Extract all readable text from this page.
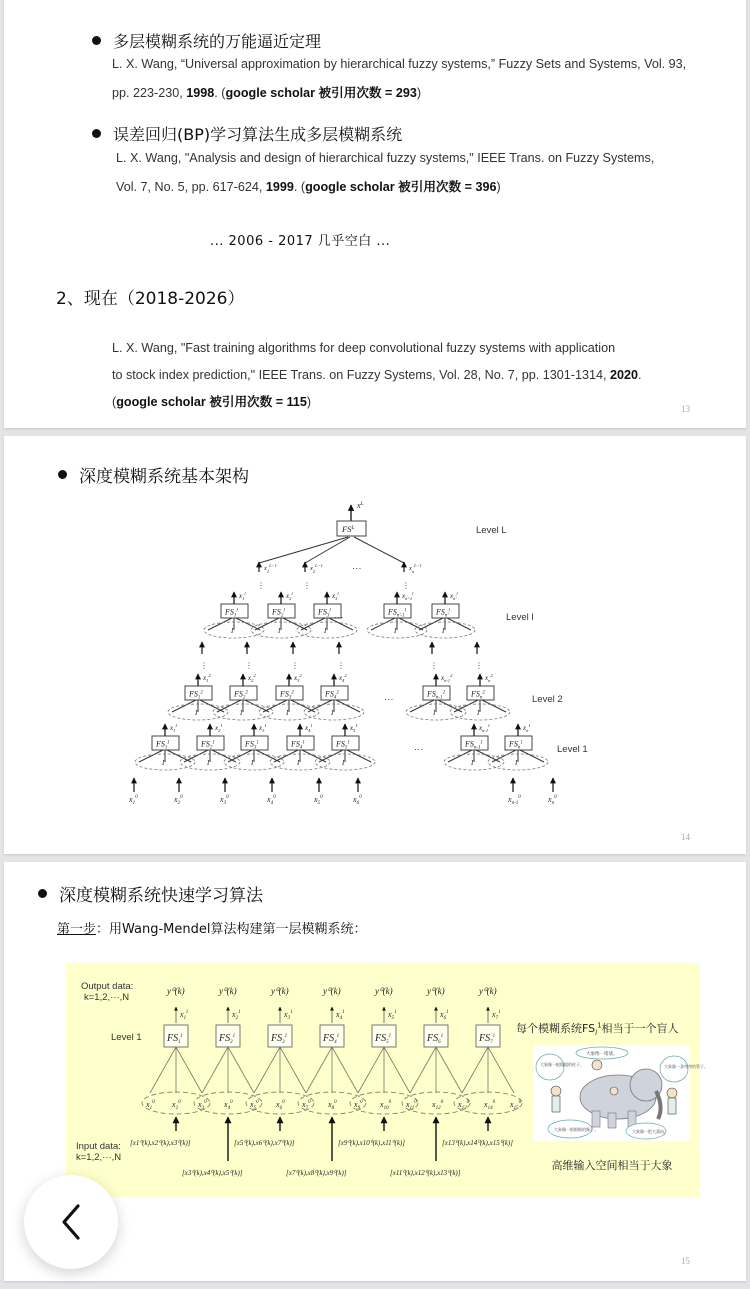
多层模糊系统的万能逼近定理
L. X. Wang, “Universal approximation by hierarchical fuzzy systems,” Fuzzy Sets and Systems, Vol. 93,
pp. 223-230, 1998. (google scholar 被引用次数 = 293)
误差回归(BP)学习算法生成多层模糊系统
L. X. Wang, "Analysis and design of hierarchical fuzzy systems," IEEE Trans. on Fuzzy Systems,
Vol. 7, No. 5, pp. 617-624, 1999. (google scholar 被引用次数 = 396)
... 2006 - 2017 几乎空白 ...
2、现在（2018-2026）
L. X. Wang, "Fast training algorithms for deep convolutional fuzzy systems with application
to stock index prediction," IEEE Trans. on Fuzzy Systems, Vol. 28, No. 7, pp. 1301-1314, 2020.
(google scholar 被引用次数 = 115)	13
深度模糊系统基本架构
$x^L$
$FS^L$	Level L
$x_1^{L-1}$	$x_2^{L-1}$	···	$x_n^{L-1}$
⋮	⋮	⋮
$FS_1^l$
$x_1^l$
I
$FS_2^l$
$x_2^l$
I
$FS_3^l$
$x_3^l$
I
$FS_{n'-1}^l$
$x_{n'-1}^l$
I
$FS_{n'}^l$
$x_{n'}^l$
I
⋮	⋮	⋮	⋮	⋮	⋮
Level l
···
$FS_1^2$
$x_1^2$
I
$FS_2^2$
$x_2^2$
I
$FS_3^2$
$x_3^2$
I
$FS_4^2$
$x_4^2$
I
$FS_{n-1}^2$
$x_{n-1}^2$
I
$FS_n^2$
$x_n^2$
I
Level 2
···
$FS_1^1$
$x_1^1$
I
$FS_2^1$
$x_2^1$
I
$FS_3^1$
$x_3^1$
I
$FS_4^1$
$x_4^1$
I
$FS_5^1$
$x_5^1$
I
$FS_{n-1}^1$
$x_{n-1}^1$
I
$FS_n^1$
$x_n^1$
I
Level 1
···
$x_1^0$	$x_2^0$	$x_3^0$	$x_4^0$	$x_5^0$	$x_6^0$	$x_{n-1}^0$	$x_n^0$
14
深度模糊系统快速学习算法
第一步：用Wang-Mendel算法构建第一层模糊系统：
Output data:
k=1,2,···,N
Level 1
Input data:
k=1,2,···,N
y⁰(k)
$x_1^1$
$FS_1^1$
y⁰(k)
$x_2^1$
$FS_2^1$
y⁰(k)
$x_3^1$
$FS_3^1$
y⁰(k)
$x_4^1$
$FS_4^1$
y⁰(k)
$x_5^1$
$FS_5^1$
y⁰(k)
$x_6^1$
$FS_6^1$
y⁰(k)
$x_7^1$
$FS_7^1$
$x_1^0$ $x_2^0$ $x_3^0$ $x_4^0$ $x_5^0$ $x_6^0$ $x_7^0$ $x_8^0$ $x_9^0$ $x_{10}^0$ $x_{11}^0$ $x_{12}^0$ $x_{13}^0$ $x_{14}^0$ $x_{15}^0$
[x1⁰(k),x2⁰(k),x3⁰(k)]
[x3⁰(k),x4⁰(k),x5⁰(k)]
[x5⁰(k),x6⁰(k),x7⁰(k)]
[x7⁰(k),x8⁰(k),x9⁰(k)]
[x9⁰(k),x10⁰(k),x11⁰(k)]
[x11⁰(k),x12⁰(k),x13⁰(k)]
[x13⁰(k),x14⁰(k),x15⁰(k)]
每个模糊系统$FS_l^1$相当于一个盲人
大象像一堵墙。
大象像一根粗粗的柱子。	大象像一条弯弯的管子。
大象像一根细细的绳子。	大象像一把大蒲扇。
高维输入空间相当于大象
15
